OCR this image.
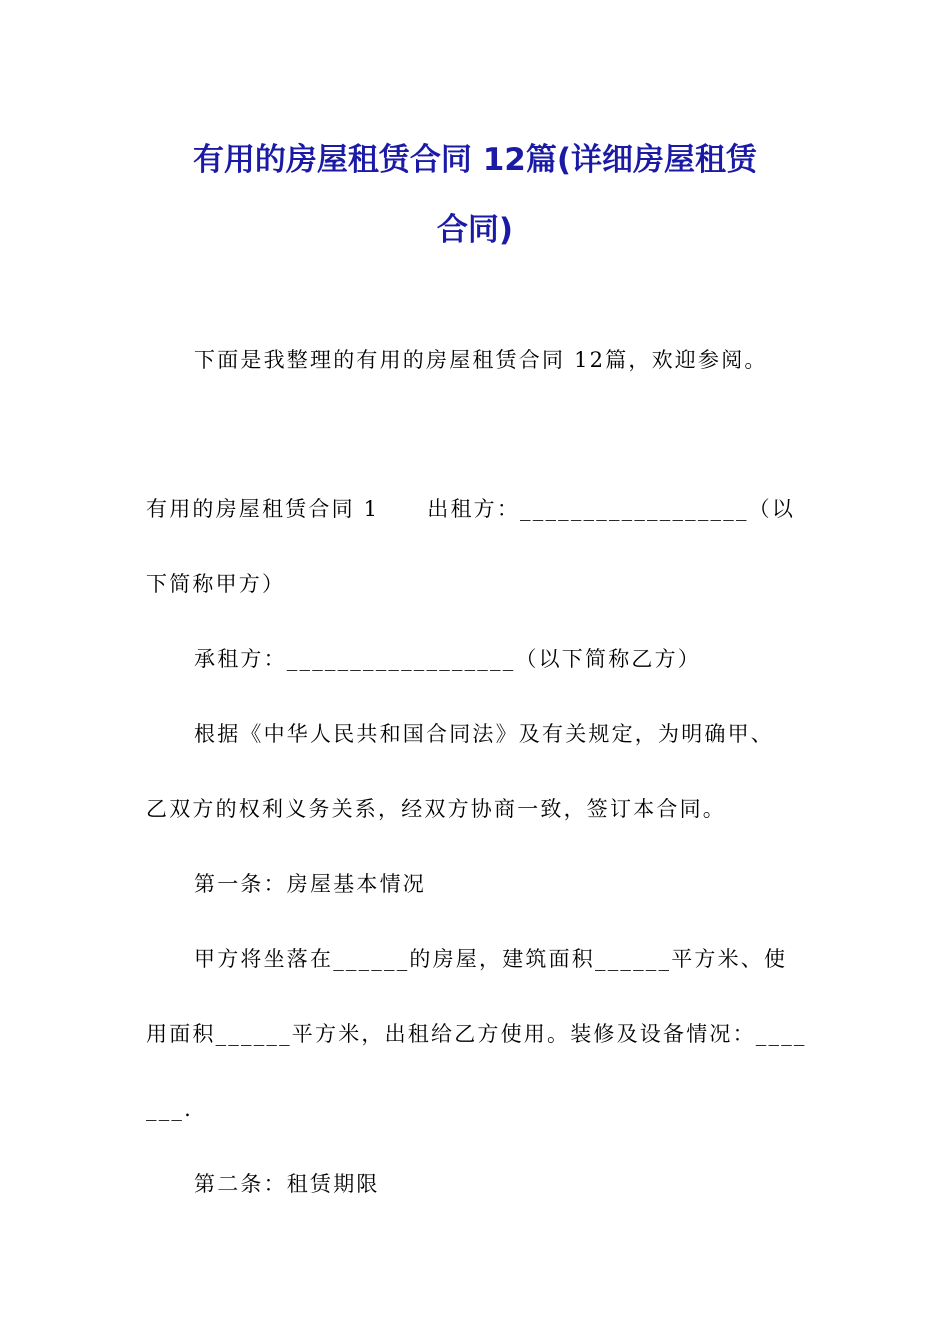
有用的房屋租赁合同 12篇(详细房屋租赁
合同)
下面是我整理的有用的房屋租赁合同 12篇，欢迎参阅。
有用的房屋租赁合同 1 出租方：__________________（以
下简称甲方）
承租方：__________________（以下简称乙方）
根据《中华人民共和国合同法》及有关规定，为明确甲、
乙双方的权利义务关系，经双方协商一致，签订本合同。
第一条：房屋基本情况
甲方将坐落在______的房屋，建筑面积______平方米、使
用面积______平方米，出租给乙方使用。装修及设备情况：____
___.
第二条：租赁期限
